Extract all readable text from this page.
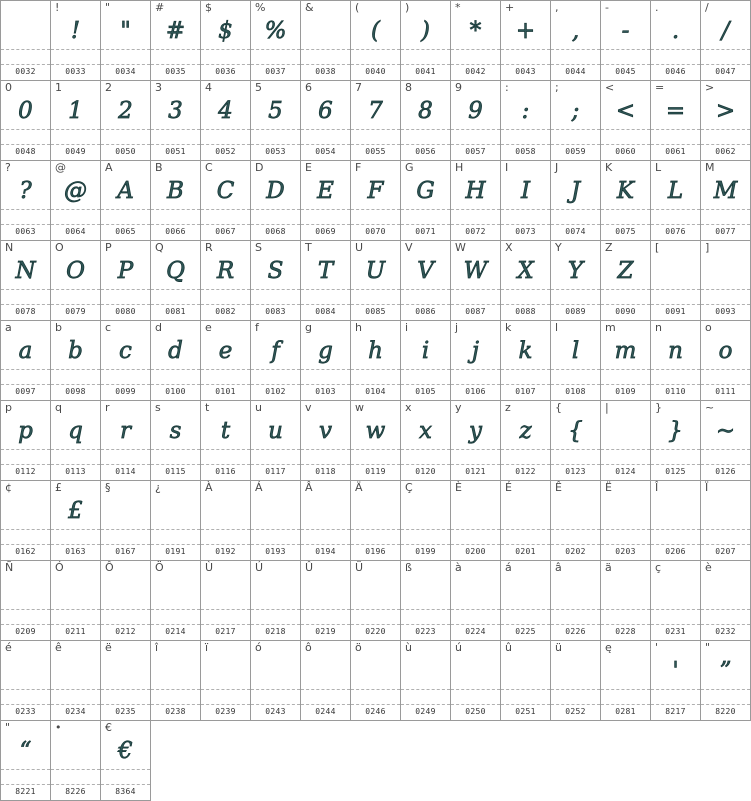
0032
!
!
0033
"
"
0034
#
#
0035
$
$
0036
%
%
0037
&
0038
(
(
0040
)
)
0041
*
*
0042
+
+
0043
,
,
0044
-
-
0045
.
.
0046
/
/
0047
0
0
0048
1
1
0049
2
2
0050
3
3
0051
4
4
0052
5
5
0053
6
6
0054
7
7
0055
8
8
0056
9
9
0057
:
:
0058
;
;
0059
<
<
0060
=
=
0061
>
>
0062
?
?
0063
@
@
0064
A
A
0065
B
B
0066
C
C
0067
D
D
0068
E
E
0069
F
F
0070
G
G
0071
H
H
0072
I
I
0073
J
J
0074
K
K
0075
L
L
0076
M
M
0077
N
N
0078
O
O
0079
P
P
0080
Q
Q
0081
R
R
0082
S
S
0083
T
T
0084
U
U
0085
V
V
0086
W
W
0087
X
X
0088
Y
Y
0089
Z
Z
0090
[
0091
]
0093
a
a
0097
b
b
0098
c
c
0099
d
d
0100
e
e
0101
f
f
0102
g
g
0103
h
h
0104
i
i
0105
j
j
0106
k
k
0107
l
l
0108
m
m
0109
n
n
0110
o
o
0111
p
p
0112
q
q
0113
r
r
0114
s
s
0115
t
t
0116
u
u
0117
v
v
0118
w
w
0119
x
x
0120
y
y
0121
z
z
0122
{
{
0123
|
0124
}
}
0125
~
~
0126
¢
0162
£
£
0163
§
0167
¿
0191
À
0192
Á
0193
Â
0194
Ä
0196
Ç
0199
È
0200
É
0201
Ê
0202
Ë
0203
Î
0206
Ï
0207
Ñ
0209
Ó
0211
Ô
0212
Ö
0214
Ù
0217
Ú
0218
Û
0219
Ü
0220
ß
0223
à
0224
á
0225
â
0226
ä
0228
ç
0231
è
0232
é
0233
ê
0234
ë
0235
î
0238
ï
0239
ó
0243
ô
0244
ö
0246
ù
0249
ú
0250
û
0251
ü
0252
ę
0281
'
'
8217
"
”
8220
"
“
8221
•
8226
€
€
8364
